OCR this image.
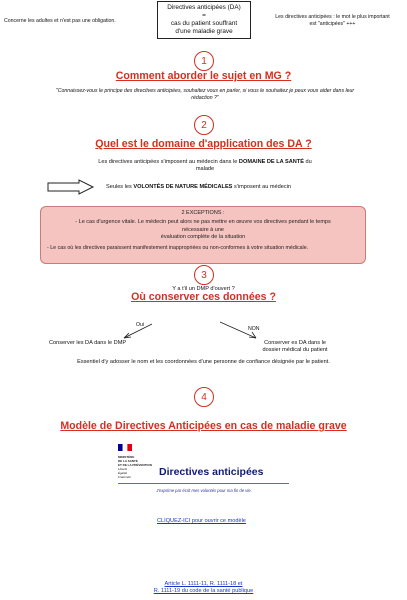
Concerne les adultes et n'est pas une obligation.
Directives anticipées (DA)
=
cas du patient souffrant
d'une maladie grave
Les directives anticipées : le mot le plus important
est "anticipées" +++
1
Comment aborder le sujet en MG ?
"Connaissez-vous le principe des directives anticipées, souhaitez vous en parler, si vous le souhaitez je peux vous aider dans leur
rédaction ?"
2
Quel est le domaine d'application des DA ?
Les directives anticipées s'imposent au médecin dans le DOMAINE DE LA SANTÉ du
malade
Seules les VOLONTÉS DE NATURE MÉDICALES s'imposent au médecin
2 EXCEPTIONS :
- Le cas d'urgence vitale. Le médecin peut alors ne pas mettre en œuvre vos directives pendant le temps
nécessaire à une
évaluation complète de la situation
- Le cas où les directives paraissent manifestement inappropriées ou non-conformes à votre situation médicale.
3
Y a t'il un DMP d'ouvert ?
Où conserver ces données ?
Oui
NON
Conserver les DA dans le DMP	Conserver es DA dans le
dossier médical du patient
Essentiel d'y adosser le nom et les coordonnées d'une personne de confiance désignée par le patient.
4
Modèle de Directives Anticipées en cas de maladie grave
MINISTÈRE
DE LA SANTÉ
ET DE LA PRÉVENTION
Liberté
Égalité
Fraternité	Directives anticipées
J'exprime par écrit mes volontés pour ma fin de vie.
CLIQUEZ-ICI pour ouvrir ce modèle
Article L. 1111-11, R. 1111-18 et
R. 1111-19 du code de la santé publique
